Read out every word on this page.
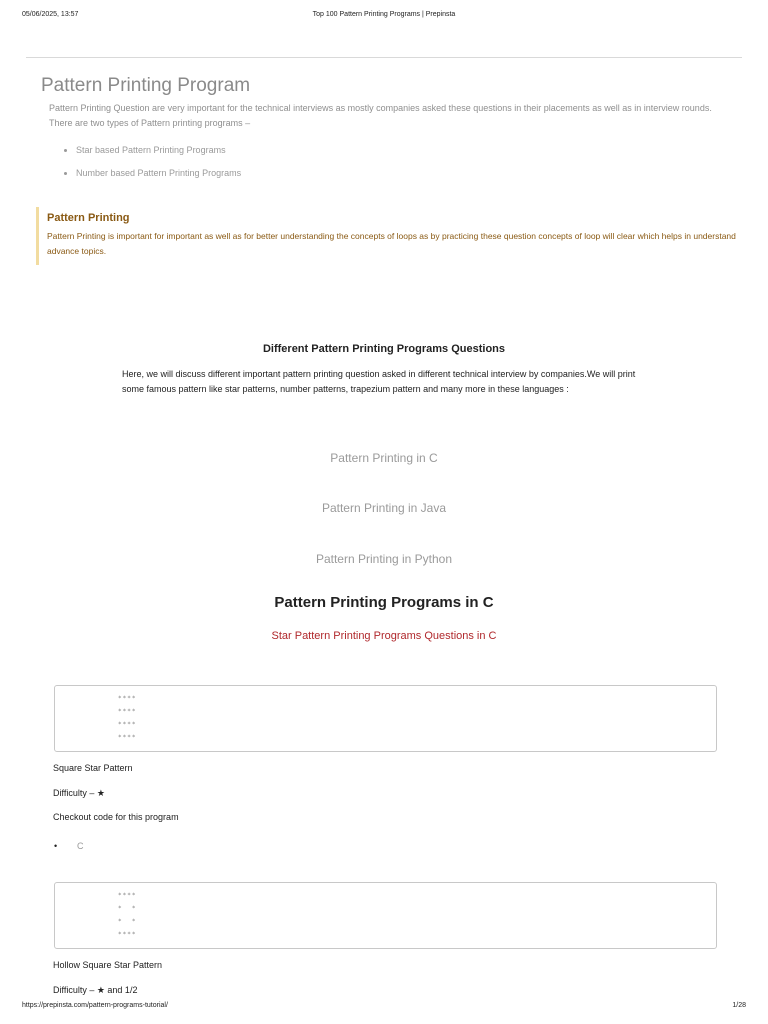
05/06/2025, 13:57	Top 100 Pattern Printing Programs | Prepinsta
Pattern Printing Program
Pattern Printing Question are very important for the technical interviews as mostly companies asked these questions in their placements as well as in interview rounds. There are two types of Pattern printing programs –
• Star based Pattern Printing Programs
• Number based Pattern Printing Programs
Pattern Printing
Pattern Printing is important for important as well as for better understanding the concepts of loops as by practicing these question concepts of loop will clear which helps in understand advance topics.
Different Pattern Printing Programs Questions
Here, we will discuss different important pattern printing question asked in different technical interview by companies.We will print some famous pattern like star patterns, number patterns, trapezium pattern and many more in these languages :
Pattern Printing in C
Pattern Printing in Java
Pattern Printing in Python
Pattern Printing Programs in C
Star Pattern Printing Programs Questions in C
****
****
****
****
Square Star Pattern
Difficulty – ★
Checkout code for this program
• C
****
*  *
*  *
****
Hollow Square Star Pattern
Difficulty – ★ and 1/2
https://prepinsta.com/pattern-programs-tutorial/	1/28
